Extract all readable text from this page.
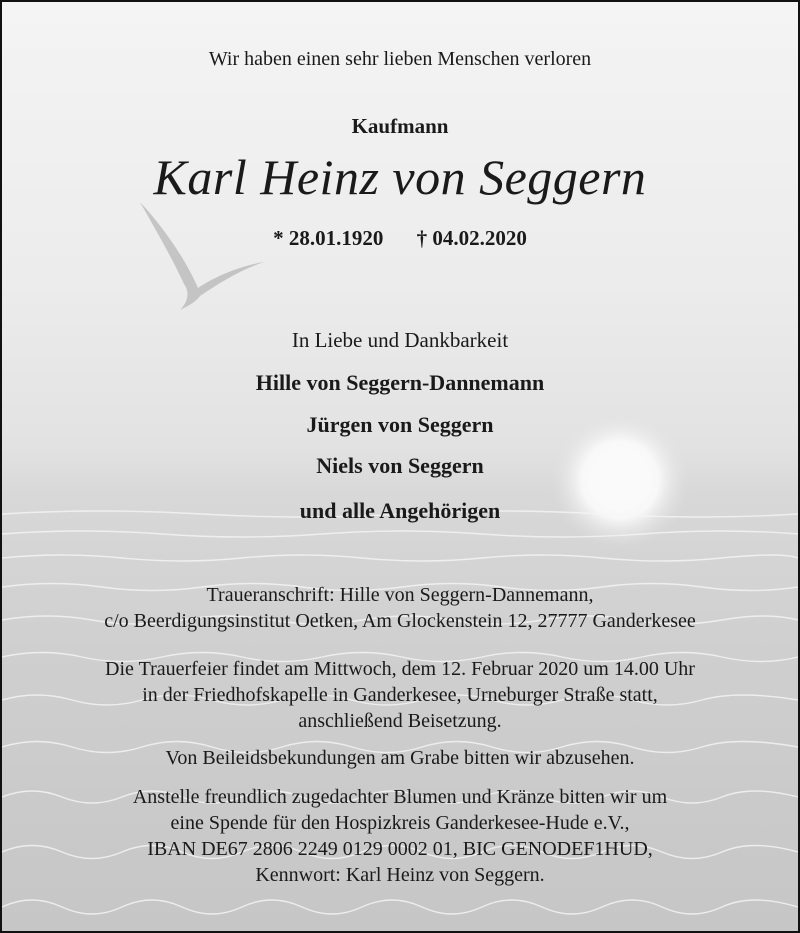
Wir haben einen sehr lieben Menschen verloren
Kaufmann
Karl Heinz von Seggern
* 28.01.1920 † 04.02.2020
In Liebe und Dankbarkeit
Hille von Seggern-Dannemann
Jürgen von Seggern
Niels von Seggern
und alle Angehörigen
Traueranschrift: Hille von Seggern-Dannemann,
c/o Beerdigungsinstitut Oetken, Am Glockenstein 12, 27777 Ganderkesee
Die Trauerfeier findet am Mittwoch, dem 12. Februar 2020 um 14.00 Uhr
in der Friedhofskapelle in Ganderkesee, Urneburger Straße statt,
anschließend Beisetzung.
Von Beileidsbekundungen am Grabe bitten wir abzusehen.
Anstelle freundlich zugedachter Blumen und Kränze bitten wir um
eine Spende für den Hospizkreis Ganderkesee-Hude e.V.,
IBAN DE67 2806 2249 0129 0002 01, BIC GENODEF1HUD,
Kennwort: Karl Heinz von Seggern.
